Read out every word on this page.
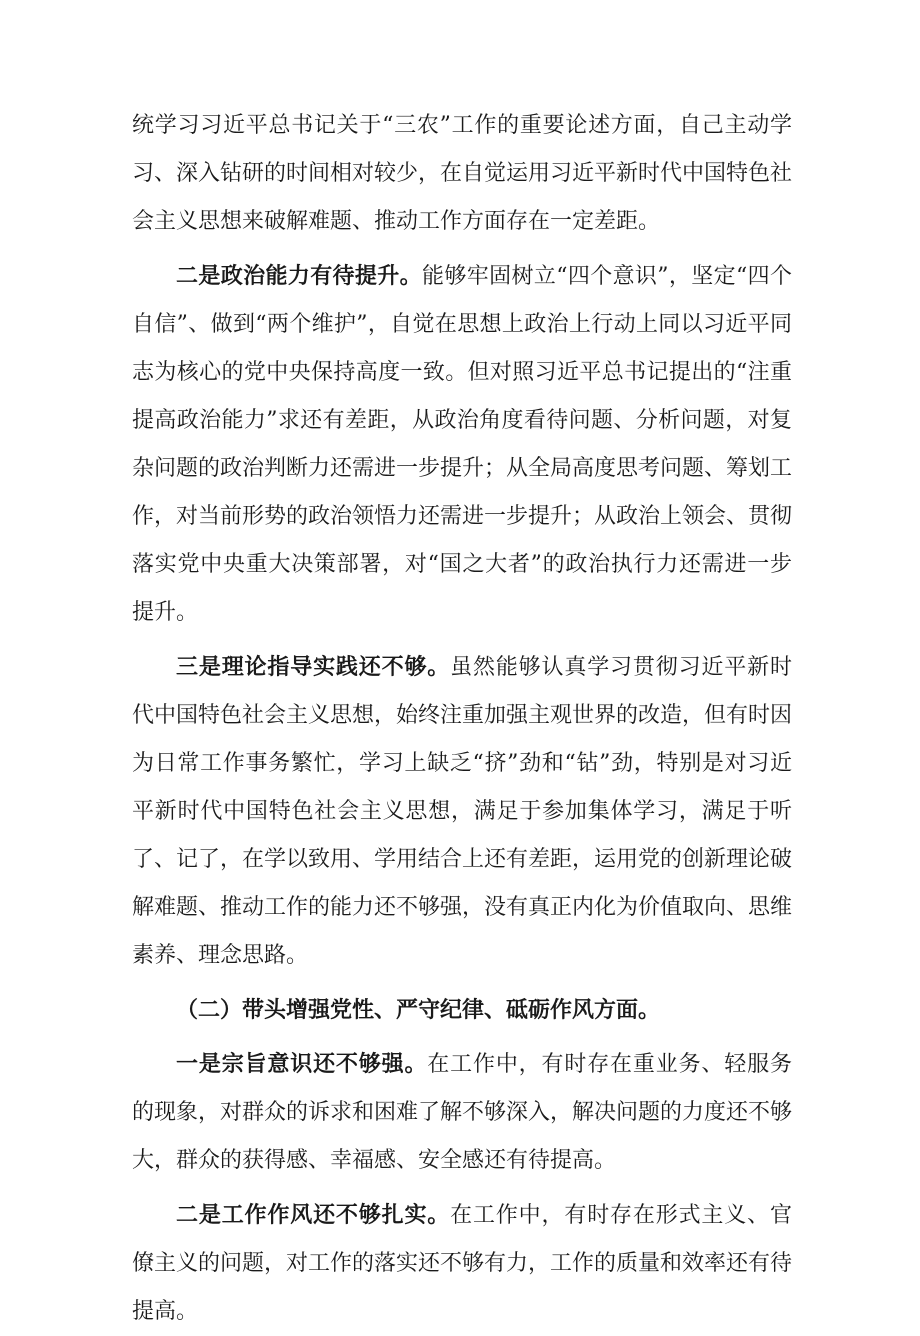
统学习习近平总书记关于“三农”工作的重要论述方面，自己主动学习、深入钻研的时间相对较少，在自觉运用习近平新时代中国特色社会主义思想来破解难题、推动工作方面存在一定差距。

二是政治能力有待提升。能够牢固树立“四个意识”，坚定“四个自信”、做到“两个维护”，自觉在思想上政治上行动上同以习近平同志为核心的党中央保持高度一致。但对照习近平总书记提出的“注重提高政治能力”求还有差距，从政治角度看待问题、分析问题，对复杂问题的政治判断力还需进一步提升；从全局高度思考问题、筹划工作，对当前形势的政治领悟力还需进一步提升；从政治上领会、贯彻落实党中央重大决策部署，对“国之大者”的政治执行力还需进一步提升。

三是理论指导实践还不够。虽然能够认真学习贯彻习近平新时代中国特色社会主义思想，始终注重加强主观世界的改造，但有时因为日常工作事务繁忙，学习上缺乏“挤”劲和“钻”劲，特别是对习近平新时代中国特色社会主义思想，满足于参加集体学习，满足于听了、记了，在学以致用、学用结合上还有差距，运用党的创新理论破解难题、推动工作的能力还不够强，没有真正内化为价值取向、思维素养、理念思路。

（二）带头增强党性、严守纪律、砥砺作风方面。

一是宗旨意识还不够强。在工作中，有时存在重业务、轻服务的现象，对群众的诉求和困难了解不够深入，解决问题的力度还不够大，群众的获得感、幸福感、安全感还有待提高。

二是工作作风还不够扎实。在工作中，有时存在形式主义、官僚主义的问题，对工作的落实还不够有力，工作的质量和效率还有待提高。
